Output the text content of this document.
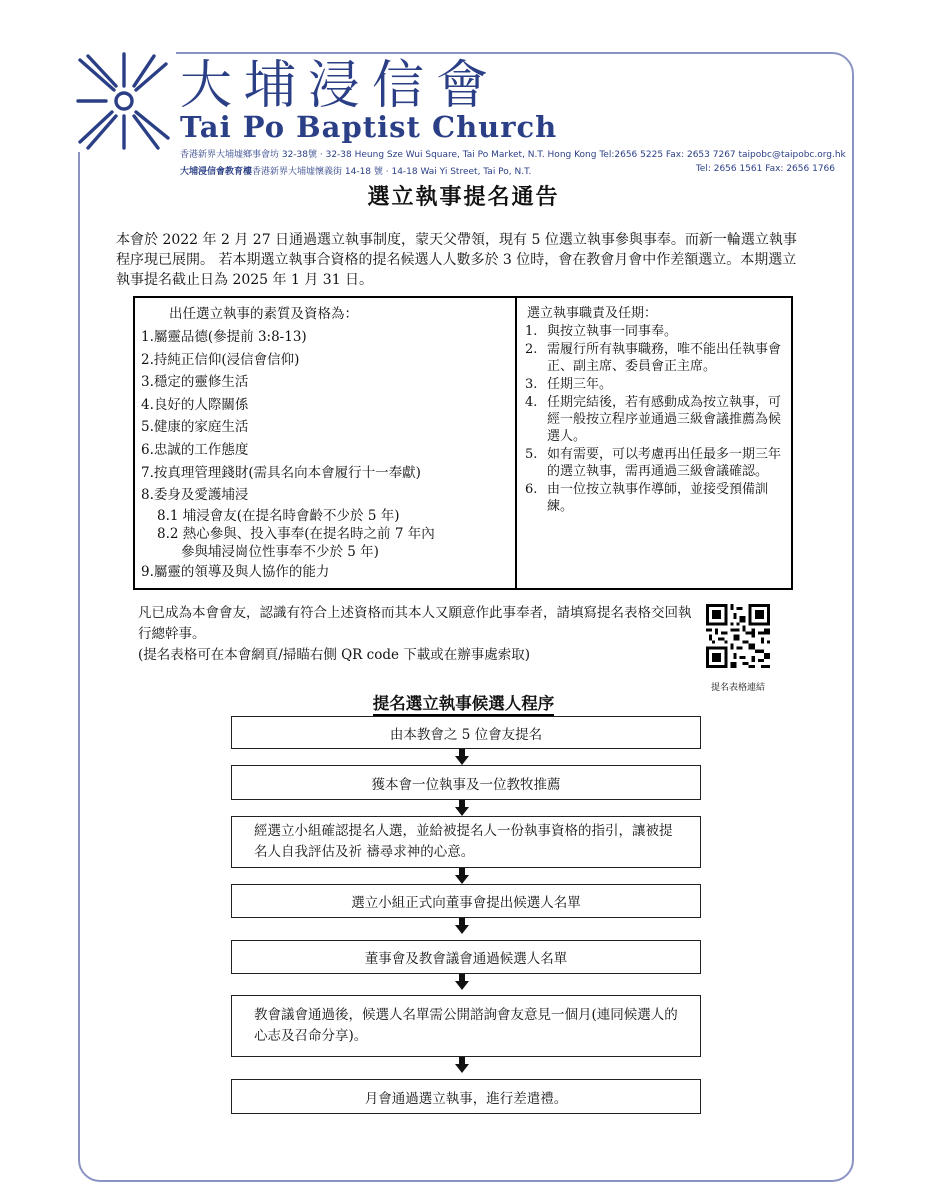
大埔浸信會
Tai Po Baptist Church
香港新界大埔墟鄉事會坊 32-38號 ‧ 32-38 Heung Sze Wui Square, Tai Po Market, N.T. Hong Kong Tel:2656 5225 Fax: 2653 7267 taipobc@taipobc.org.hk
大埔浸信會教育樓香港新界大埔墟懷義街 14-18 號 ‧ 14-18 Wai Yi Street, Tai Po, N.T.	Tel: 2656 1561 Fax: 2656 1766
選立執事提名通告
本會於 2022 年 2 月 27 日通過選立執事制度，蒙天父帶領，現有 5 位選立執事參與事奉。而新一輪選立執事程序現已展開。 若本期選立執事合資格的提名候選人人數多於 3 位時，會在教會月會中作差額選立。本期選立執事提名截止日為 2025 年 1 月 31 日。
出任選立執事的素質及資格為：
1.屬靈品德(參提前 3:8-13)
2.持純正信仰(浸信會信仰)
3.穩定的靈修生活
4.良好的人際關係
5.健康的家庭生活
6.忠誠的工作態度
7.按真理管理錢財(需具名向本會履行十一奉獻)
8.委身及愛護埔浸
8.1 埔浸會友(在提名時會齡不少於 5 年)
8.2 熱心參與、投入事奉(在提名時之前 7 年內
參與埔浸崗位性事奉不少於 5 年)
9.屬靈的領導及與人協作的能力
選立執事職責及任期：
1. 與按立執事一同事奉。
2. 需履行所有執事職務，唯不能出任執事會正、副主席、委員會正主席。
3. 任期三年。
4. 任期完結後，若有感動成為按立執事，可經一般按立程序並通過三級會議推薦為候選人。
5. 如有需要，可以考慮再出任最多一期三年的選立執事，需再通過三級會議確認。
6. 由一位按立執事作導師，並接受預備訓練。
凡已成為本會會友，認識有符合上述資格而其本人又願意作此事奉者，請填寫提名表格交回執行總幹事。
(提名表格可在本會網頁/掃瞄右側 QR code 下載或在辦事處索取)
提名表格連結
提名選立執事候選人程序
由本教會之 5 位會友提名
獲本會一位執事及一位教牧推薦
經選立小組確認提名人選，並給被提名人一份執事資格的指引，讓被提名人自我評估及祈 禱尋求神的心意。
選立小組正式向董事會提出候選人名單
董事會及教會議會通過候選人名單
教會議會通過後，候選人名單需公開諮詢會友意見一個月(連同候選人的心志及召命分享)。
月會通過選立執事，進行差遣禮。
